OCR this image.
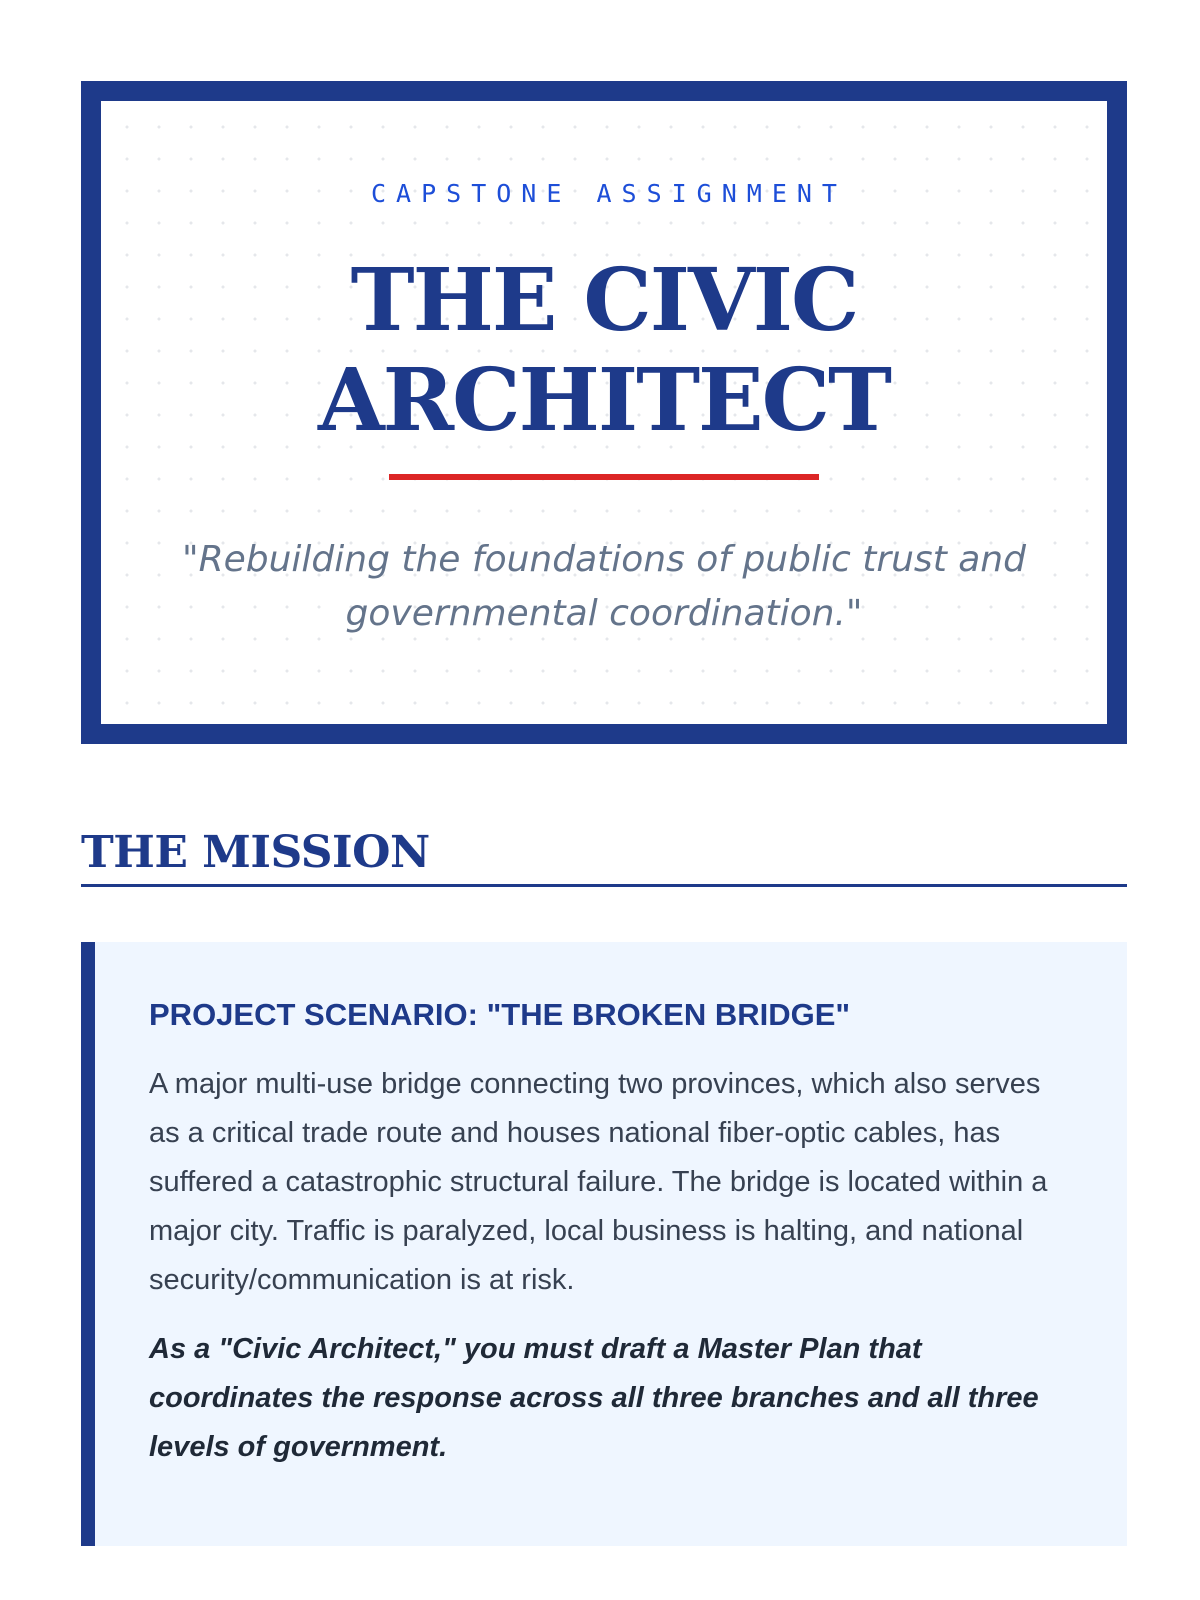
CAPSTONE ASSIGNMENT
THE CIVIC
ARCHITECT

"Rebuilding the foundations of public trust and governmental coordination."

THE MISSION
PROJECT SCENARIO: "THE BROKEN BRIDGE"

A major multi-use bridge connecting two provinces, which also serves as a critical trade route and houses national fiber-optic cables, has suffered a catastrophic structural failure. The bridge is located within a major city. Traffic is paralyzed, local business is halting, and national security/communication is at risk.

As a "Civic Architect," you must draft a Master Plan that coordinates the response across all three branches and all three levels of government.
